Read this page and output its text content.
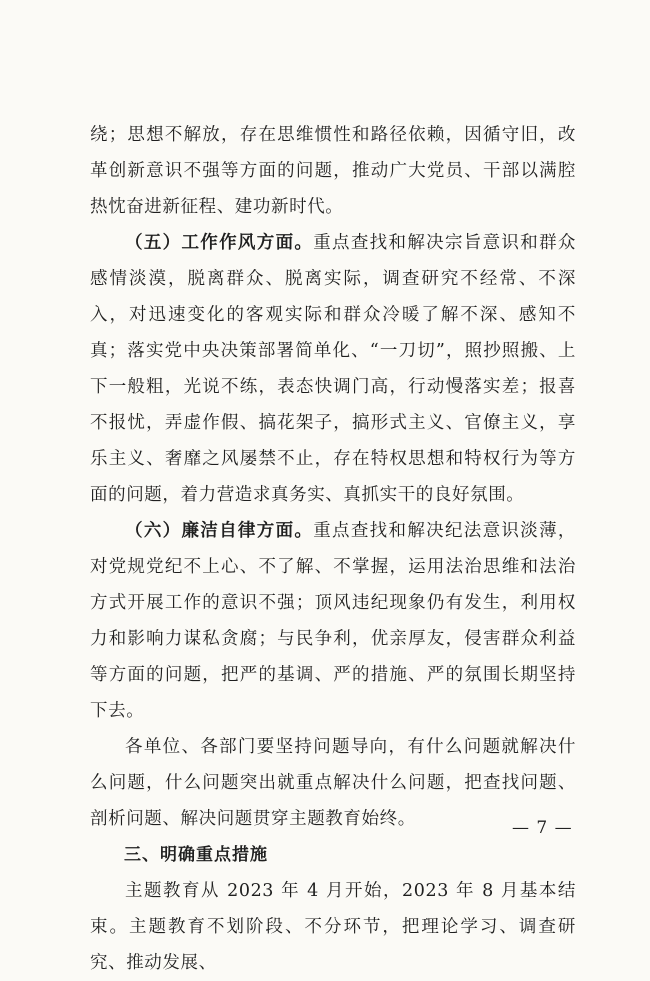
绕；思想不解放，存在思维惯性和路径依赖，因循守旧，改革创新意识不强等方面的问题，推动广大党员、干部以满腔热忱奋进新征程、建功新时代。

（五）工作作风方面。重点查找和解决宗旨意识和群众感情淡漠，脱离群众、脱离实际，调查研究不经常、不深入，对迅速变化的客观实际和群众冷暖了解不深、感知不真；落实党中央决策部署简单化、“一刀切”，照抄照搬、上下一般粗，光说不练，表态快调门高，行动慢落实差；报喜不报忧，弄虚作假、搞花架子，搞形式主义、官僚主义，享乐主义、奢靡之风屡禁不止，存在特权思想和特权行为等方面的问题，着力营造求真务实、真抓实干的良好氛围。

（六）廉洁自律方面。重点查找和解决纪法意识淡薄，对党规党纪不上心、不了解、不掌握，运用法治思维和法治方式开展工作的意识不强；顶风违纪现象仍有发生，利用权力和影响力谋私贪腐；与民争利，优亲厚友，侵害群众利益等方面的问题，把严的基调、严的措施、严的氛围长期坚持下去。

各单位、各部门要坚持问题导向，有什么问题就解决什么问题，什么问题突出就重点解决什么问题，把查找问题、剖析问题、解决问题贯穿主题教育始终。

三、明确重点措施

主题教育从 2023 年 4 月开始，2023 年 8 月基本结束。主题教育不划阶段、不分环节，把理论学习、调查研究、推动发展、

— 7 —
